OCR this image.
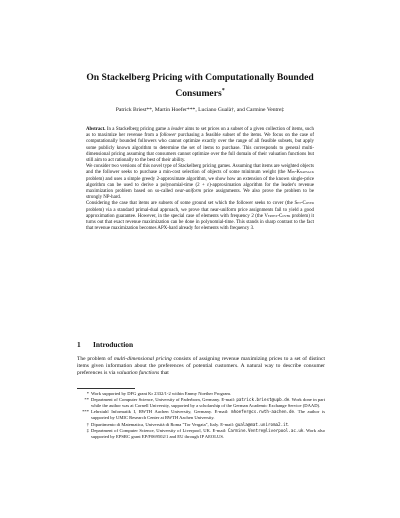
On Stackelberg Pricing with Computationally Bounded
Consumers*
Patrick Briest**, Martin Hoefer***, Luciano Gualà†, and Carmine Ventre‡

Abstract. In a Stackelberg pricing game a leader aims to set prices on a subset of a given collection of items, such as to maximize her revenue from a follower purchasing a feasible subset of the items. We focus on the case of computationally bounded followers who cannot optimize exactly over the range of all feasible subsets, but apply some publicly known algorithm to determine the set of items to purchase. This corresponds to general multi-dimensional pricing assuming that consumers cannot optimize over the full domain of their valuation functions but still aim to act rationally to the best of their ability.

We consider two versions of this novel type of Stackelberg pricing games. Assuming that items are weighted objects and the follower seeks to purchase a min-cost selection of objects of some minimum weight (the Min-Knapsack problem) and uses a simple greedy 2-approximate algorithm, we show how an extension of the known single-price algorithm can be used to derive a polynomial-time (2 + ε)-approximation algorithm for the leader's revenue maximization problem based on so-called near-uniform price assignments. We also prove the problem to be strongly NP-hard.

Considering the case that items are subsets of some ground set which the follower seeks to cover (the Set-Cover problem) via a standard primal-dual approach, we prove that near-uniform price assignments fail to yield a good approximation guarantee. However, in the special case of elements with frequency 2 (the Vertex-Cover problem) it turns out that exact revenue maximization can be done in polynomial-time. This stands in sharp contrast to the fact that revenue maximization becomes APX-hard already for elements with frequency 3.

1 Introduction

The problem of multi-dimensional pricing consists of assigning revenue maximizing prices to a set of distinct items given information about the preferences of potential customers. A natural way to describe consumer preferences is via valuation functions that

* Work supported by DFG grant Kr 2332/1-2 within Emmy Noether Program.
** Department of Computer Science, University of Paderborn, Germany. E-mail: patrick.briest@upb.de. Work done in part while the author was at Cornell University, supported by a scholarship of the German Academic Exchange Service (DAAD).
*** Lehrstuhl Informatik I, RWTH Aachen University, Germany. E-mail: mhoefer@cs.rwth-aachen.de. The author is supported by UMIC Research Center at RWTH Aachen University.
† Dipartimento di Matematica, Università di Roma "Tor Vergata", Italy. E-mail: guala@mat.uniroma2.it.
‡ Department of Computer Science, University of Liverpool, UK. E-mail: Carmine.Ventre@liverpool.ac.uk. Work also supported by EPSRC grant EP/F069502/1 and EU through IP AEOLUS.
